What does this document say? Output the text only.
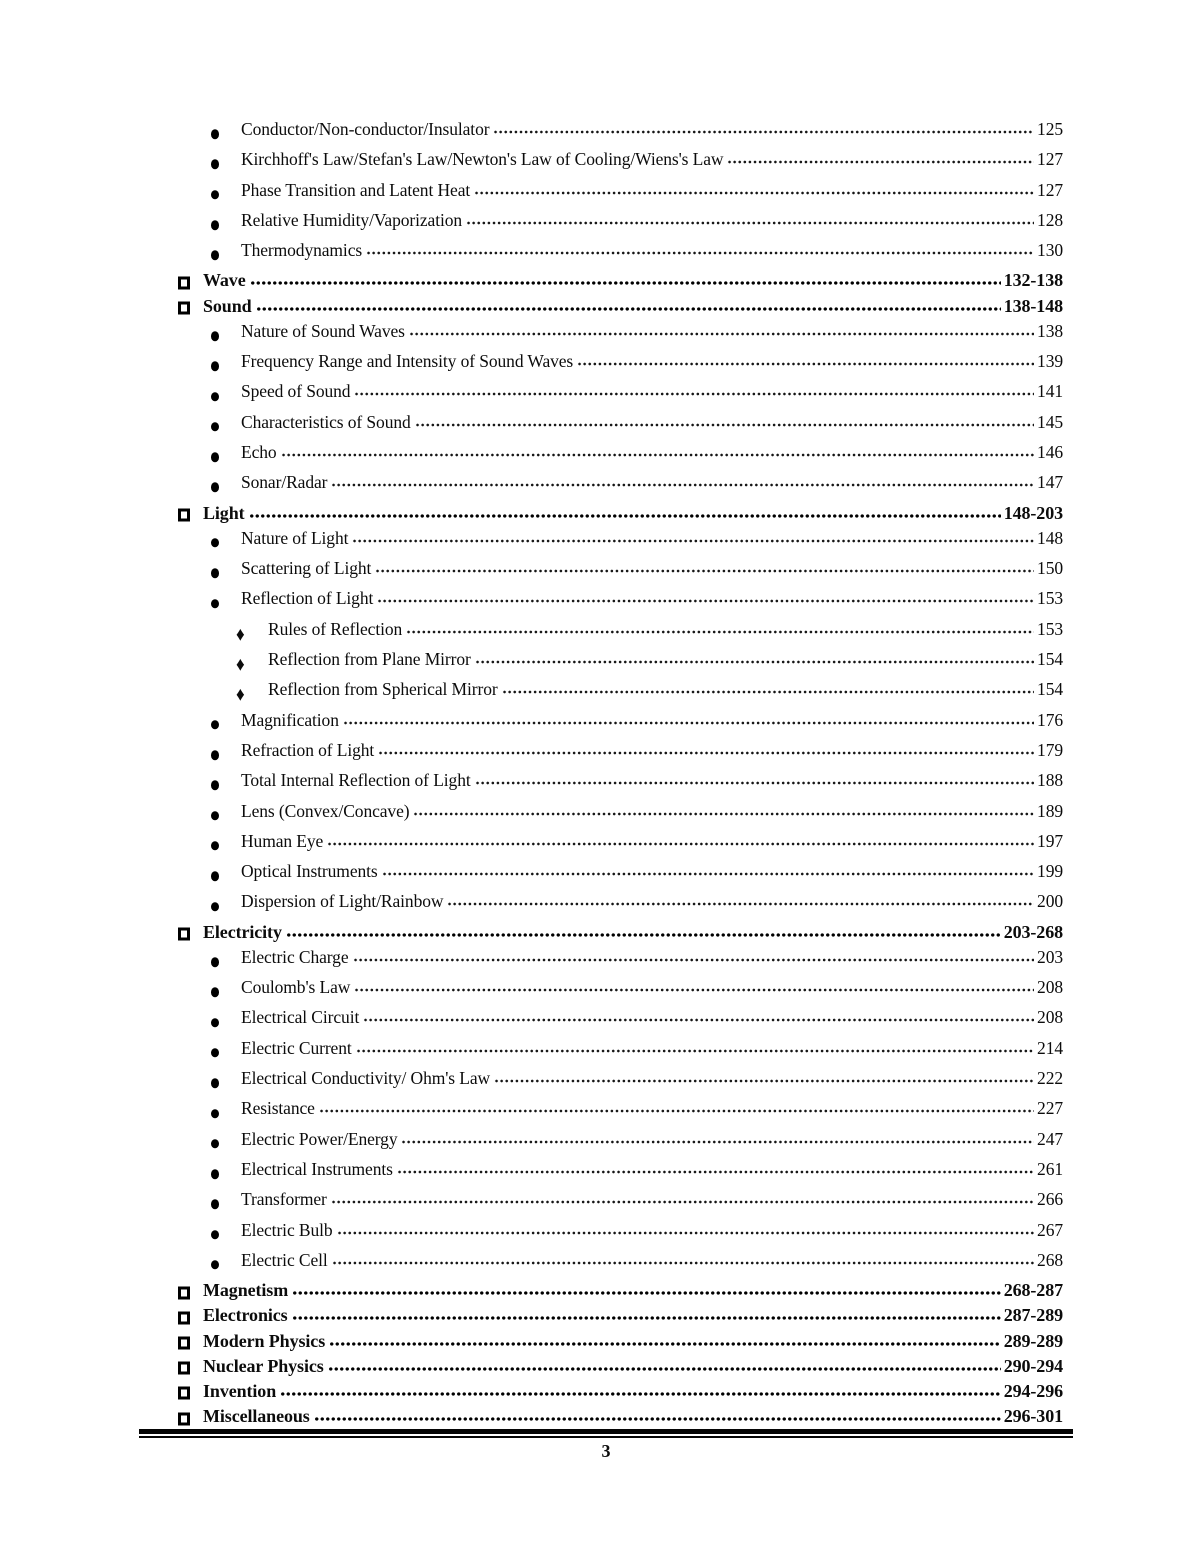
Conductor/Non-conductor/Insulator	125
Kirchhoff's Law/Stefan's Law/Newton's Law of Cooling/Wiens's Law	127
Phase Transition and Latent Heat	127
Relative Humidity/Vaporization	128
Thermodynamics	130
Wave	132-138
Sound	138-148
Nature of Sound Waves	138
Frequency Range and Intensity of Sound Waves	139
Speed of Sound	141
Characteristics of Sound	145
Echo	146
Sonar/Radar	147
Light	148-203
Nature of Light	148
Scattering of Light	150
Reflection of Light	153
♦ Rules of Reflection	153
♦ Reflection from Plane Mirror	154
♦ Reflection from Spherical Mirror	154
Magnification	176
Refraction of Light	179
Total Internal Reflection of Light	188
Lens (Convex/Concave)	189
Human Eye	197
Optical Instruments	199
Dispersion of Light/Rainbow	200
Electricity	203-268
Electric Charge	203
Coulomb's Law	208
Electrical Circuit	208
Electric Current	214
Electrical Conductivity/ Ohm's Law	222
Resistance	227
Electric Power/Energy	247
Electrical Instruments	261
Transformer	266
Electric Bulb	267
Electric Cell	268
Magnetism	268-287
Electronics	287-289
Modern Physics	289-289
Nuclear Physics	290-294
Invention	294-296
Miscellaneous	296-301
3
